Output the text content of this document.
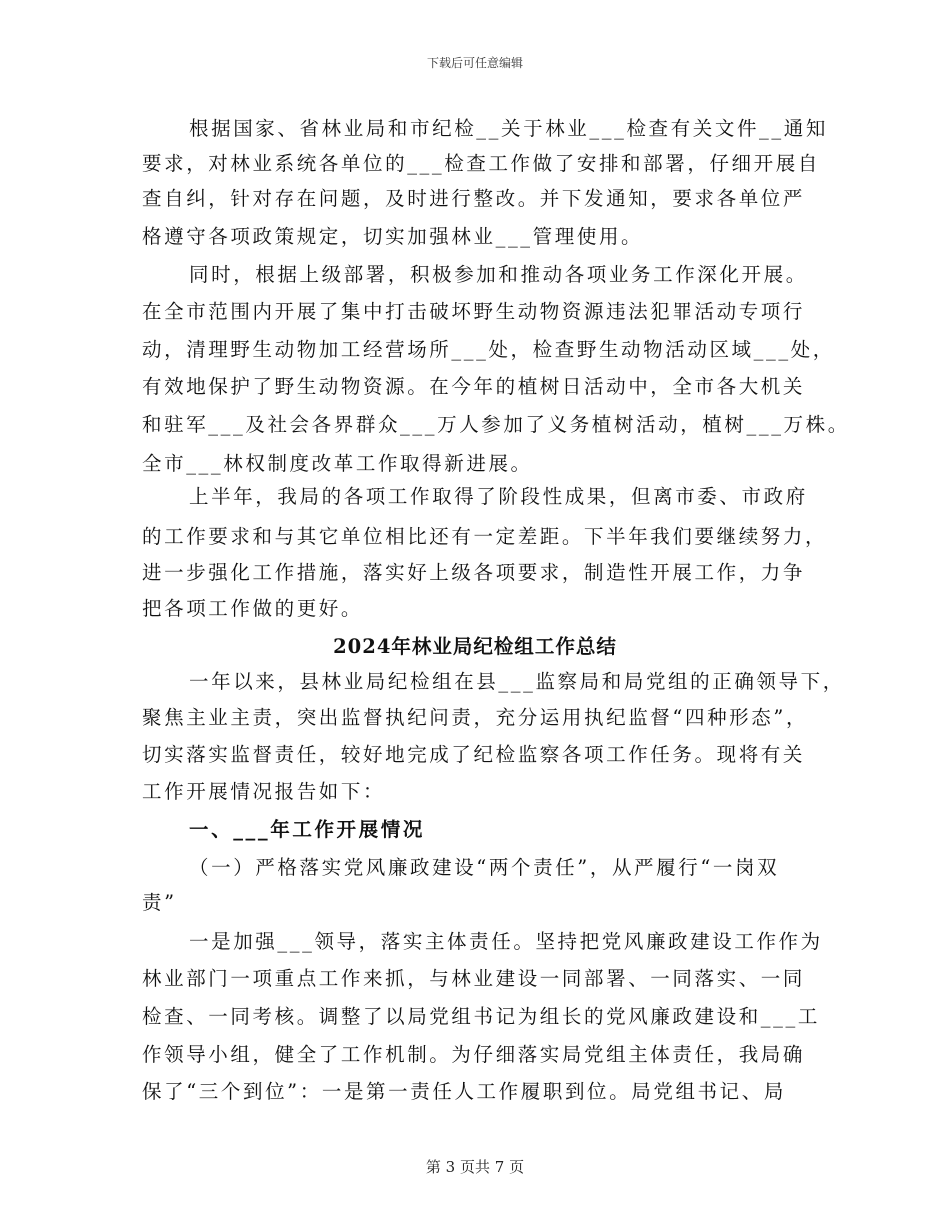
下载后可任意编辑
根据国家、省林业局和市纪检__关于林业___检查有关文件__通知
要求，对林业系统各单位的___检查工作做了安排和部署，仔细开展自
查自纠，针对存在问题，及时进行整改。并下发通知，要求各单位严
格遵守各项政策规定，切实加强林业___管理使用。
同时，根据上级部署，积极参加和推动各项业务工作深化开展。
在全市范围内开展了集中打击破坏野生动物资源违法犯罪活动专项行
动，清理野生动物加工经营场所___处，检查野生动物活动区域___处，
有效地保护了野生动物资源。在今年的植树日活动中，全市各大机关
和驻军___及社会各界群众___万人参加了义务植树活动，植树___万株。
全市___林权制度改革工作取得新进展。
上半年，我局的各项工作取得了阶段性成果，但离市委、市政府
的工作要求和与其它单位相比还有一定差距。下半年我们要继续努力，
进一步强化工作措施，落实好上级各项要求，制造性开展工作，力争
把各项工作做的更好。
2024年林业局纪检组工作总结
一年以来，县林业局纪检组在县___监察局和局党组的正确领导下，
聚焦主业主责，突出监督执纪问责，充分运用执纪监督“四种形态”，
切实落实监督责任，较好地完成了纪检监察各项工作任务。现将有关
工作开展情况报告如下：
一、___年工作开展情况
（一）严格落实党风廉政建设“两个责任”，从严履行“一岗双
责”
一是加强___领导，落实主体责任。坚持把党风廉政建设工作作为
林业部门一项重点工作来抓，与林业建设一同部署、一同落实、一同
检查、一同考核。调整了以局党组书记为组长的党风廉政建设和___工
作领导小组，健全了工作机制。为仔细落实局党组主体责任，我局确
保了“三个到位”：一是第一责任人工作履职到位。局党组书记、局
第 3 页共 7 页
